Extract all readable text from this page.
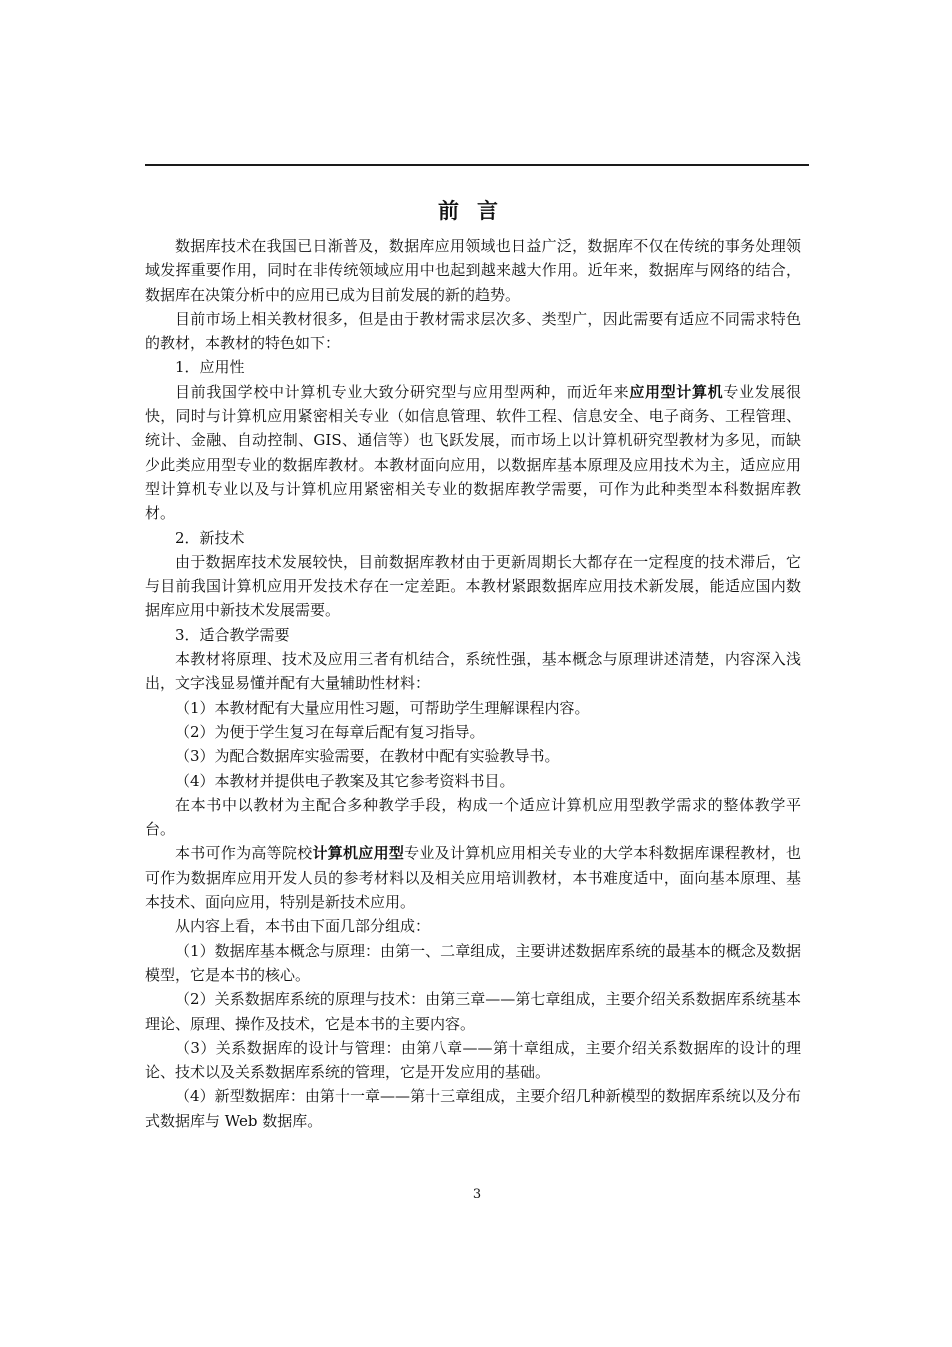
前言

数据库技术在我国已日渐普及，数据库应用领域也日益广泛，数据库不仅在传统的事务处理领域发挥重要作用，同时在非传统领域应用中也起到越来越大作用。近年来，数据库与网络的结合，数据库在决策分析中的应用已成为目前发展的新的趋势。

目前市场上相关教材很多，但是由于教材需求层次多、类型广，因此需要有适应不同需求特色的教材，本教材的特色如下：

1．应用性

目前我国学校中计算机专业大致分研究型与应用型两种，而近年来应用型计算机专业发展很快，同时与计算机应用紧密相关专业（如信息管理、软件工程、信息安全、电子商务、工程管理、统计、金融、自动控制、GIS、通信等）也飞跃发展，而市场上以计算机研究型教材为多见，而缺少此类应用型专业的数据库教材。本教材面向应用，以数据库基本原理及应用技术为主，适应应用型计算机专业以及与计算机应用紧密相关专业的数据库教学需要，可作为此种类型本科数据库教材。

2．新技术

由于数据库技术发展较快，目前数据库教材由于更新周期长大都存在一定程度的技术滞后，它与目前我国计算机应用开发技术存在一定差距。本教材紧跟数据库应用技术新发展，能适应国内数据库应用中新技术发展需要。

3．适合教学需要

本教材将原理、技术及应用三者有机结合，系统性强，基本概念与原理讲述清楚，内容深入浅出，文字浅显易懂并配有大量辅助性材料：

（1）本教材配有大量应用性习题，可帮助学生理解课程内容。

（2）为便于学生复习在每章后配有复习指导。

（3）为配合数据库实验需要，在教材中配有实验教导书。

（4）本教材并提供电子教案及其它参考资料书目。

在本书中以教材为主配合多种教学手段，构成一个适应计算机应用型教学需求的整体教学平台。

本书可作为高等院校计算机应用型专业及计算机应用相关专业的大学本科数据库课程教材，也可作为数据库应用开发人员的参考材料以及相关应用培训教材，本书难度适中，面向基本原理、基本技术、面向应用，特别是新技术应用。

从内容上看，本书由下面几部分组成：

（1）数据库基本概念与原理：由第一、二章组成，主要讲述数据库系统的最基本的概念及数据模型，它是本书的核心。

（2）关系数据库系统的原理与技术：由第三章——第七章组成，主要介绍关系数据库系统基本理论、原理、操作及技术，它是本书的主要内容。

（3）关系数据库的设计与管理：由第八章——第十章组成，主要介绍关系数据库的设计的理论、技术以及关系数据库系统的管理，它是开发应用的基础。

（4）新型数据库：由第十一章——第十三章组成，主要介绍几种新模型的数据库系统以及分布式数据库与 Web 数据库。

3
